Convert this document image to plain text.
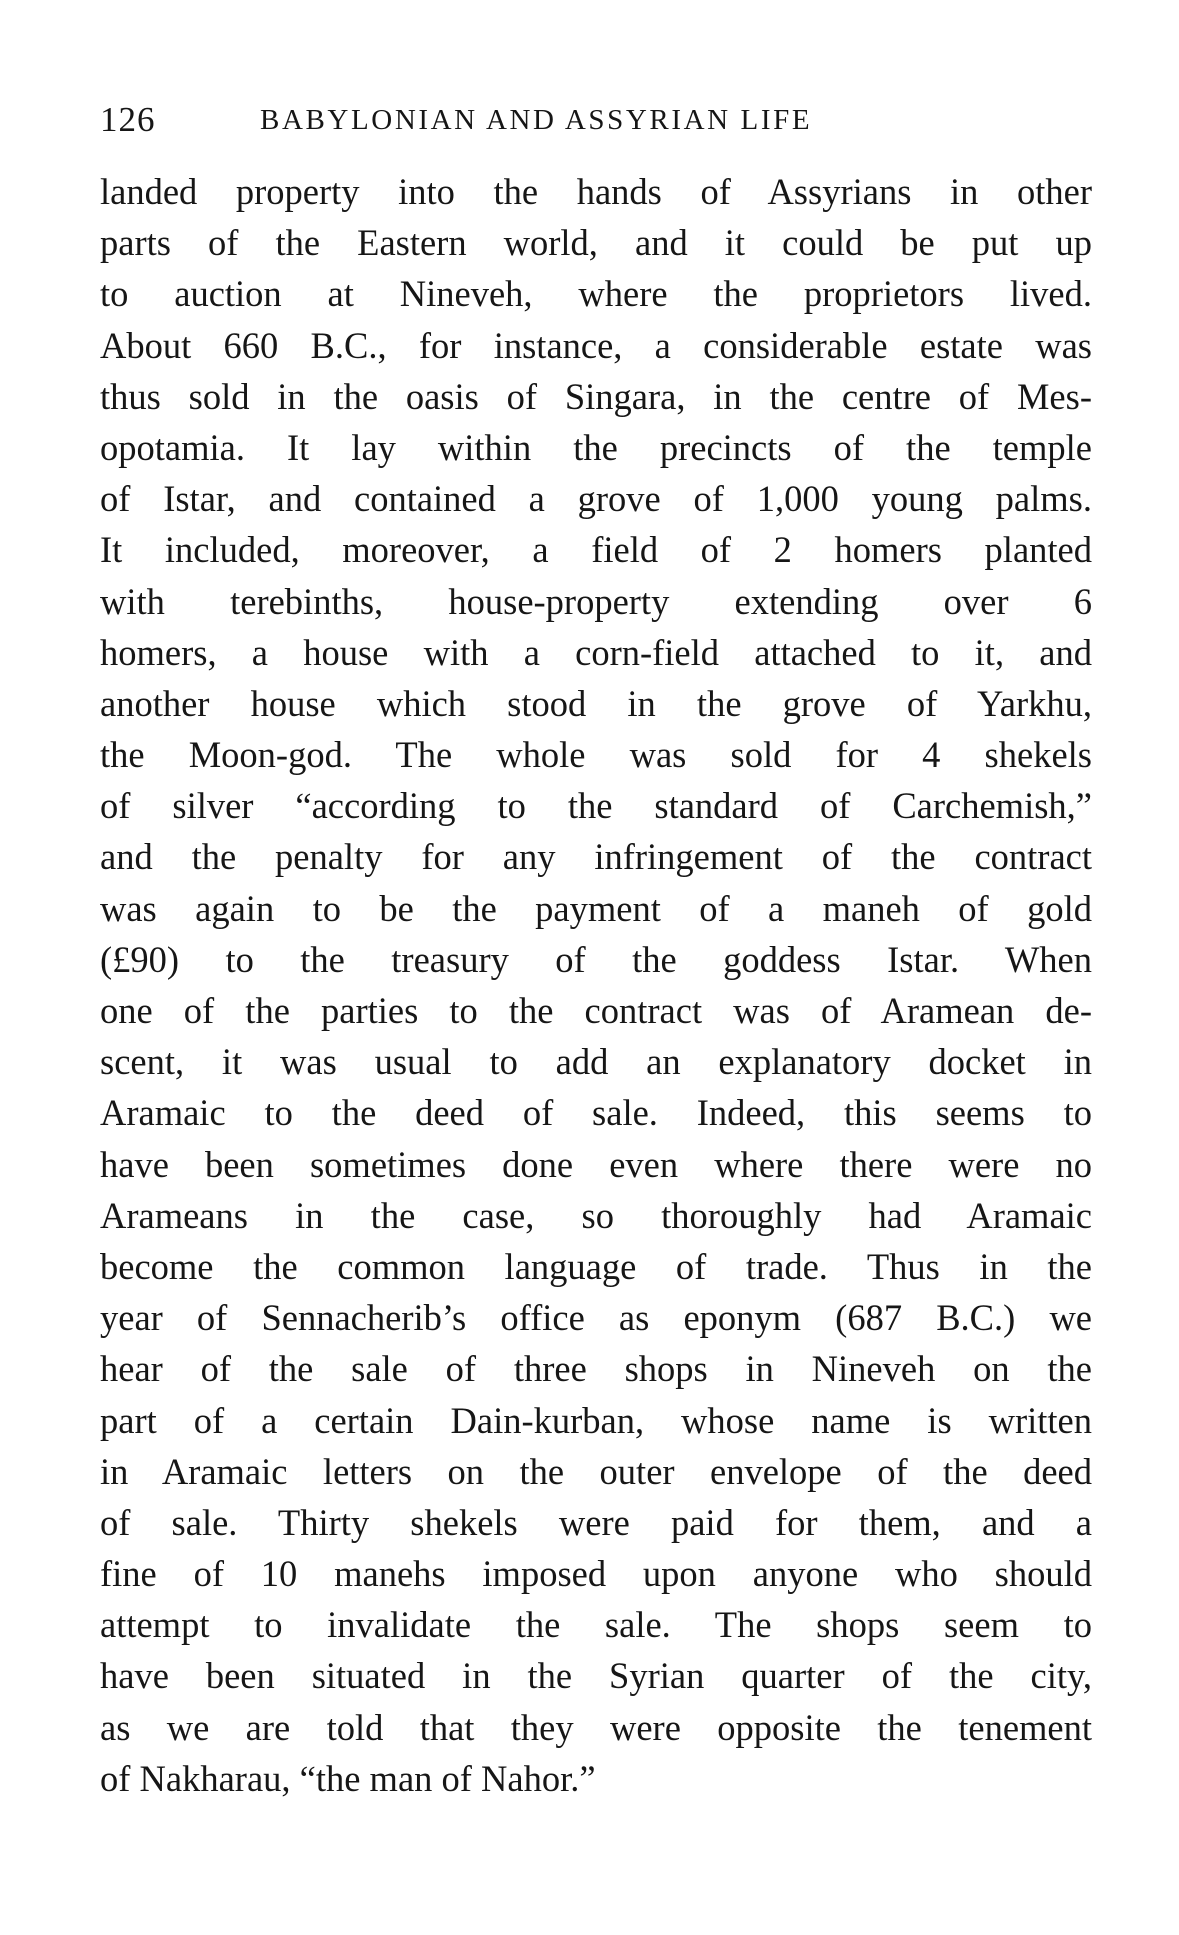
126	BABYLONIAN AND ASSYRIAN LIFE
landed property into the hands of Assyrians in other
parts of the Eastern world, and it could be put up
to auction at Nineveh, where the proprietors lived.
About 660 B.C., for instance, a considerable estate was
thus sold in the oasis of Singara, in the centre of Mes-
opotamia. It lay within the precincts of the temple
of Istar, and contained a grove of 1,000 young palms.
It included, moreover, a field of 2 homers planted
with terebinths, house-property extending over 6
homers, a house with a corn-field attached to it, and
another house which stood in the grove of Yarkhu,
the Moon-god. The whole was sold for 4 shekels
of silver “according to the standard of Carchemish,”
and the penalty for any infringement of the contract
was again to be the payment of a maneh of gold
(£90) to the treasury of the goddess Istar. When
one of the parties to the contract was of Aramean de-
scent, it was usual to add an explanatory docket in
Aramaic to the deed of sale. Indeed, this seems to
have been sometimes done even where there were no
Arameans in the case, so thoroughly had Aramaic
become the common language of trade. Thus in the
year of Sennacherib’s office as eponym (687 B.C.) we
hear of the sale of three shops in Nineveh on the
part of a certain Dain-kurban, whose name is written
in Aramaic letters on the outer envelope of the deed
of sale. Thirty shekels were paid for them, and a
fine of 10 manehs imposed upon anyone who should
attempt to invalidate the sale. The shops seem to
have been situated in the Syrian quarter of the city,
as we are told that they were opposite the tenement
of Nakharau, “the man of Nahor.”
